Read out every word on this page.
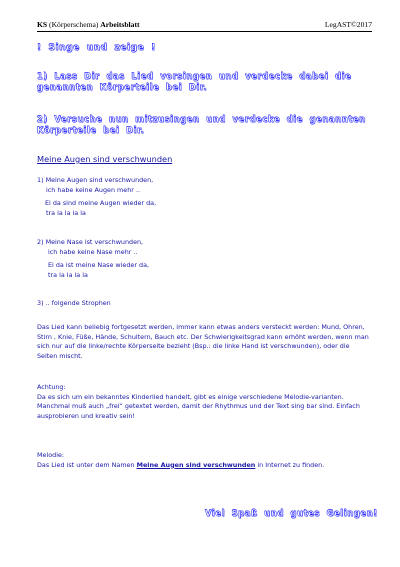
KS (Körperschema) Arbeitsblatt	LegAST©2017
! Singe und zeige !
1) Lass Dir das Lied vorsingen und verdecke dabei die genannten Körperteile bei Dir.
2) Versuche nun mitzusingen und verdecke die genannten Körperteile bei Dir.
Meine Augen sind verschwunden
1) Meine Augen sind verschwunden,
ich habe keine Augen mehr ..
Ei da sind meine Augen wieder da,
tra la la la la
2) Meine Nase ist verschwunden,
ich habe keine Nase mehr ..
Ei da ist meine Nase wieder da,
tra la la la la
3) .. folgende Strophen
Das Lied kann beliebig fortgesetzt werden, immer kann etwas anders versteckt werden: Mund, Ohren, Stirn , Knie, Füße, Hände, Schultern, Bauch etc. Der Schwierigkeitsgrad kann erhöht werden, wenn man sich nur auf die linke/rechte Körperseite bezieht (Bsp.: die linke Hand ist verschwunden), oder die Seiten mischt.
Achtung:
Da es sich um ein bekanntes Kinderlied handelt, gibt es einige verschiedene Melodie-varianten.
Manchmal muß auch „frei“ getextet werden, damit der Rhythmus und der Text sing bar sind. Einfach ausprobieren und kreativ sein!
Melodie:
Das Lied ist unter dem Namen Meine Augen sind verschwunden in Internet zu finden.
Viel Spaß und gutes Gelingen!
